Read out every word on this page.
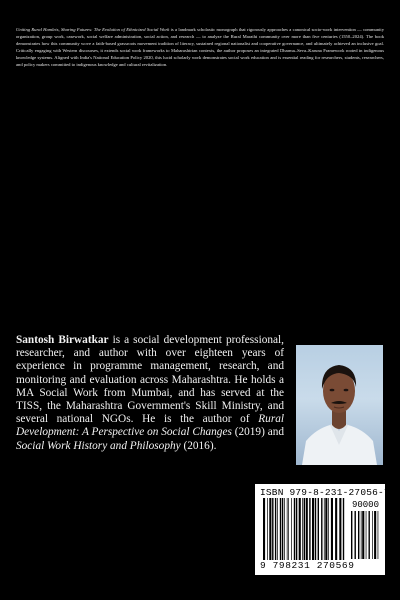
Uniting Rural Hamlets, Sharing Futures: The Evolution of Ethnicized Social Work is a landmark scholastic monograph that rigorously approaches a canonical socio-work intervention — community organization, group work, casework, social welfare administration, social action, and research — to analyze the Rural Marathi community over more than five centuries (1550–2024). The book demonstrates how this community wove a faith-based grassroots movement tradition of literacy, sustained regional nationalist and cooperative governance, and ultimately achieved an inclusive goal. Critically engaging with Western discourses, it extends social work frameworks to Maharashtrian contexts, the author proposes an integrated Dharma–Seva–Karuna Framework rooted in indigenous knowledge systems. Aligned with India's National Education Policy 2020, this lucid scholarly work demonstrates social work education and is essential reading for researchers, students, researchers, and policy makers committed to indigenous knowledge and cultural revitalization.
Santosh Birwatkar is a social development professional, researcher, and author with over eighteen years of experience in programme management, research, and monitoring and evaluation across Maharashtra. He holds a MA Social Work from Mumbai, and has served at the TISS, the Maharashtra Government's Skill Ministry, and several national NGOs. He is the author of Rural Development: A Perspective on Social Changes (2019) and Social Work History and Philosophy (2016).
ISBN 979-8-231-27056-7
90000
9 798231 270569
